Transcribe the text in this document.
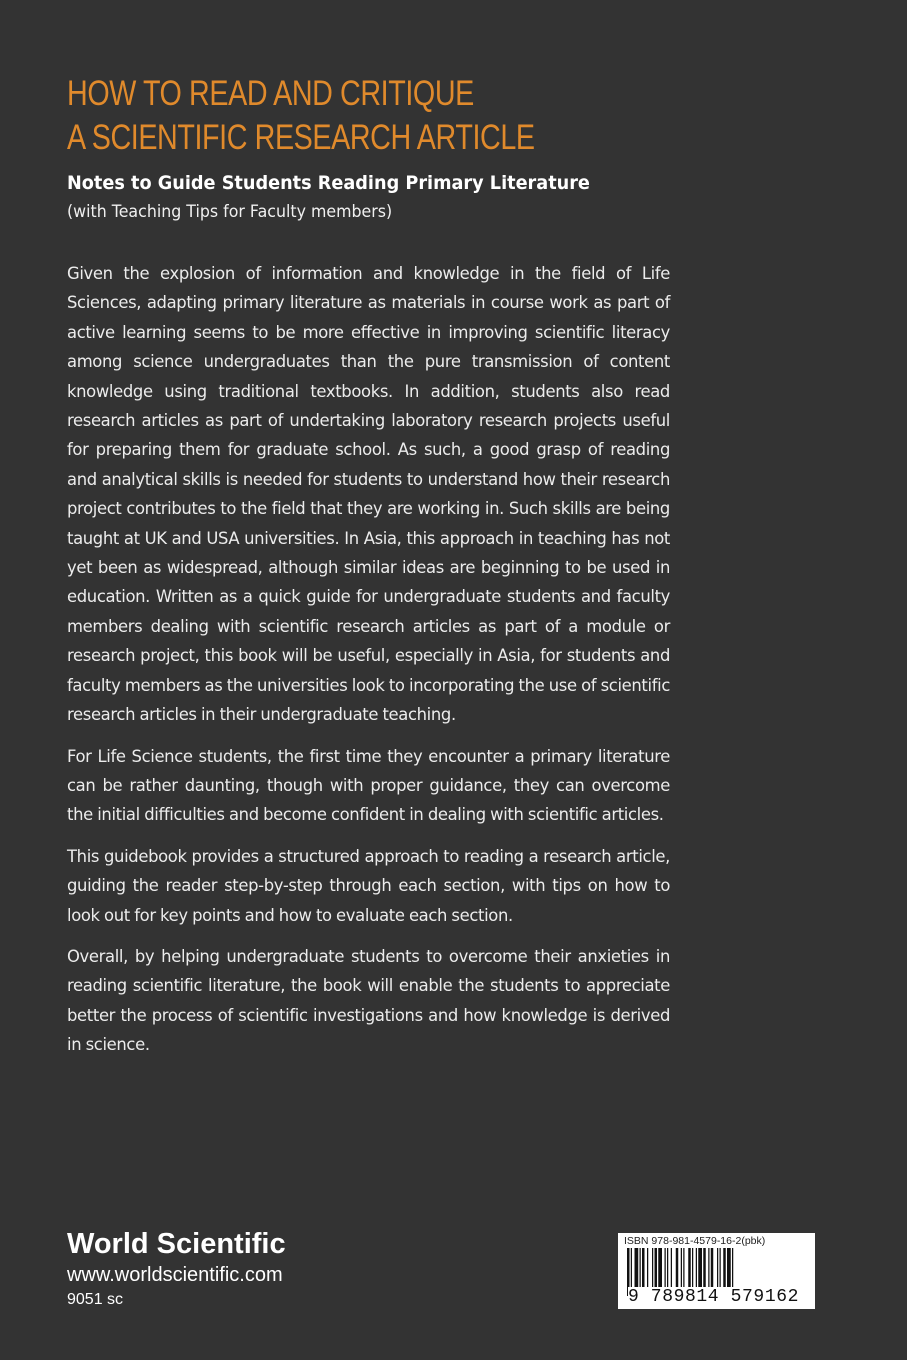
HOW TO READ AND CRITIQUE
A SCIENTIFIC RESEARCH ARTICLE
Notes to Guide Students Reading Primary Literature
(with Teaching Tips for Faculty members)

Given the explosion of information and knowledge in the field of Life Sciences, adapting primary literature as materials in course work as part of active learning seems to be more effective in improving scientific literacy among science undergraduates than the pure transmission of content knowledge using traditional textbooks. In addition, students also read research articles as part of undertaking laboratory research projects useful for preparing them for graduate school. As such, a good grasp of reading and analytical skills is needed for students to understand how their research project contributes to the field that they are working in. Such skills are being taught at UK and USA universities. In Asia, this approach in teaching has not yet been as widespread, although similar ideas are beginning to be used in education. Written as a quick guide for undergraduate students and faculty members dealing with scientific research articles as part of a module or research project, this book will be useful, especially in Asia, for students and faculty members as the universities look to incorporating the use of scientific research articles in their undergraduate teaching.

For Life Science students, the first time they encounter a primary literature can be rather daunting, though with proper guidance, they can overcome the initial difficulties and become confident in dealing with scientific articles.

This guidebook provides a structured approach to reading a research article, guiding the reader step-by-step through each section, with tips on how to look out for key points and how to evaluate each section.

Overall, by helping undergraduate students to overcome their anxieties in reading scientific literature, the book will enable the students to appreciate better the process of scientific investigations and how knowledge is derived in science.

World Scientific
www.worldscientific.com
9051 sc
ISBN 978-981-4579-16-2(pbk)
9 789814 579162
